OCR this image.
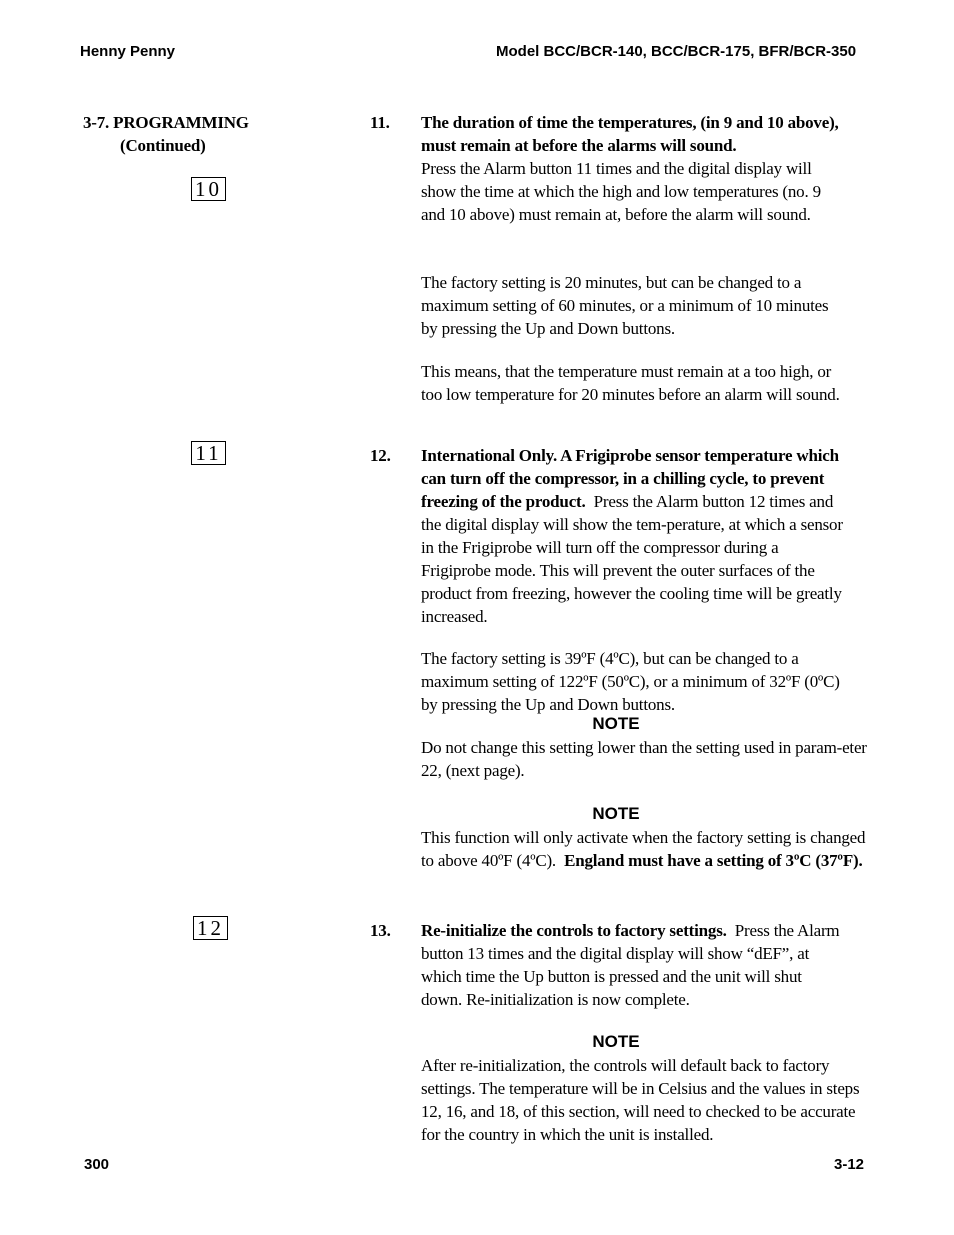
Henny Penny	Model BCC/BCR-140, BCC/BCR-175, BFR/BCR-350
3-7. PROGRAMMING
(Continued)
10
11
12
11. The duration of time the temperatures, (in 9 and 10 above), must remain at before the alarms will sound.
Press the Alarm button 11 times and the digital display will show the time at which the high and low temperatures (no. 9 and 10 above) must remain at, before the alarm will sound.
The factory setting is 20 minutes, but can be changed to a maximum setting of 60 minutes, or a minimum of 10 minutes by pressing the Up and Down buttons.
This means, that the temperature must remain at a too high, or too low temperature for 20 minutes before an alarm will sound.
12. International Only. A Frigiprobe sensor temperature which can turn off the compressor, in a chilling cycle, to prevent freezing of the product. Press the Alarm button 12 times and the digital display will show the tem-perature, at which a sensor in the Frigiprobe will turn off the compressor during a Frigiprobe mode. This will prevent the outer surfaces of the product from freezing, however the cooling time will be greatly increased.
The factory setting is 39ºF (4ºC), but can be changed to a maximum setting of 122ºF (50ºC), or a minimum of 32ºF (0ºC) by pressing the Up and Down buttons.
NOTE
Do not change this setting lower than the setting used in param-eter 22, (next page).
NOTE
This function will only activate when the factory setting is changed to above 40ºF (4ºC). England must have a setting of 3ºC (37ºF).
13. Re-initialize the controls to factory settings. Press the Alarm button 13 times and the digital display will show “dEF”, at which time the Up button is pressed and the unit will shut down. Re-initialization is now complete.
NOTE
After re-initialization, the controls will default back to factory settings. The temperature will be in Celsius and the values in steps 12, 16, and 18, of this section, will need to checked to be accurate for the country in which the unit is installed.
300	3-12
